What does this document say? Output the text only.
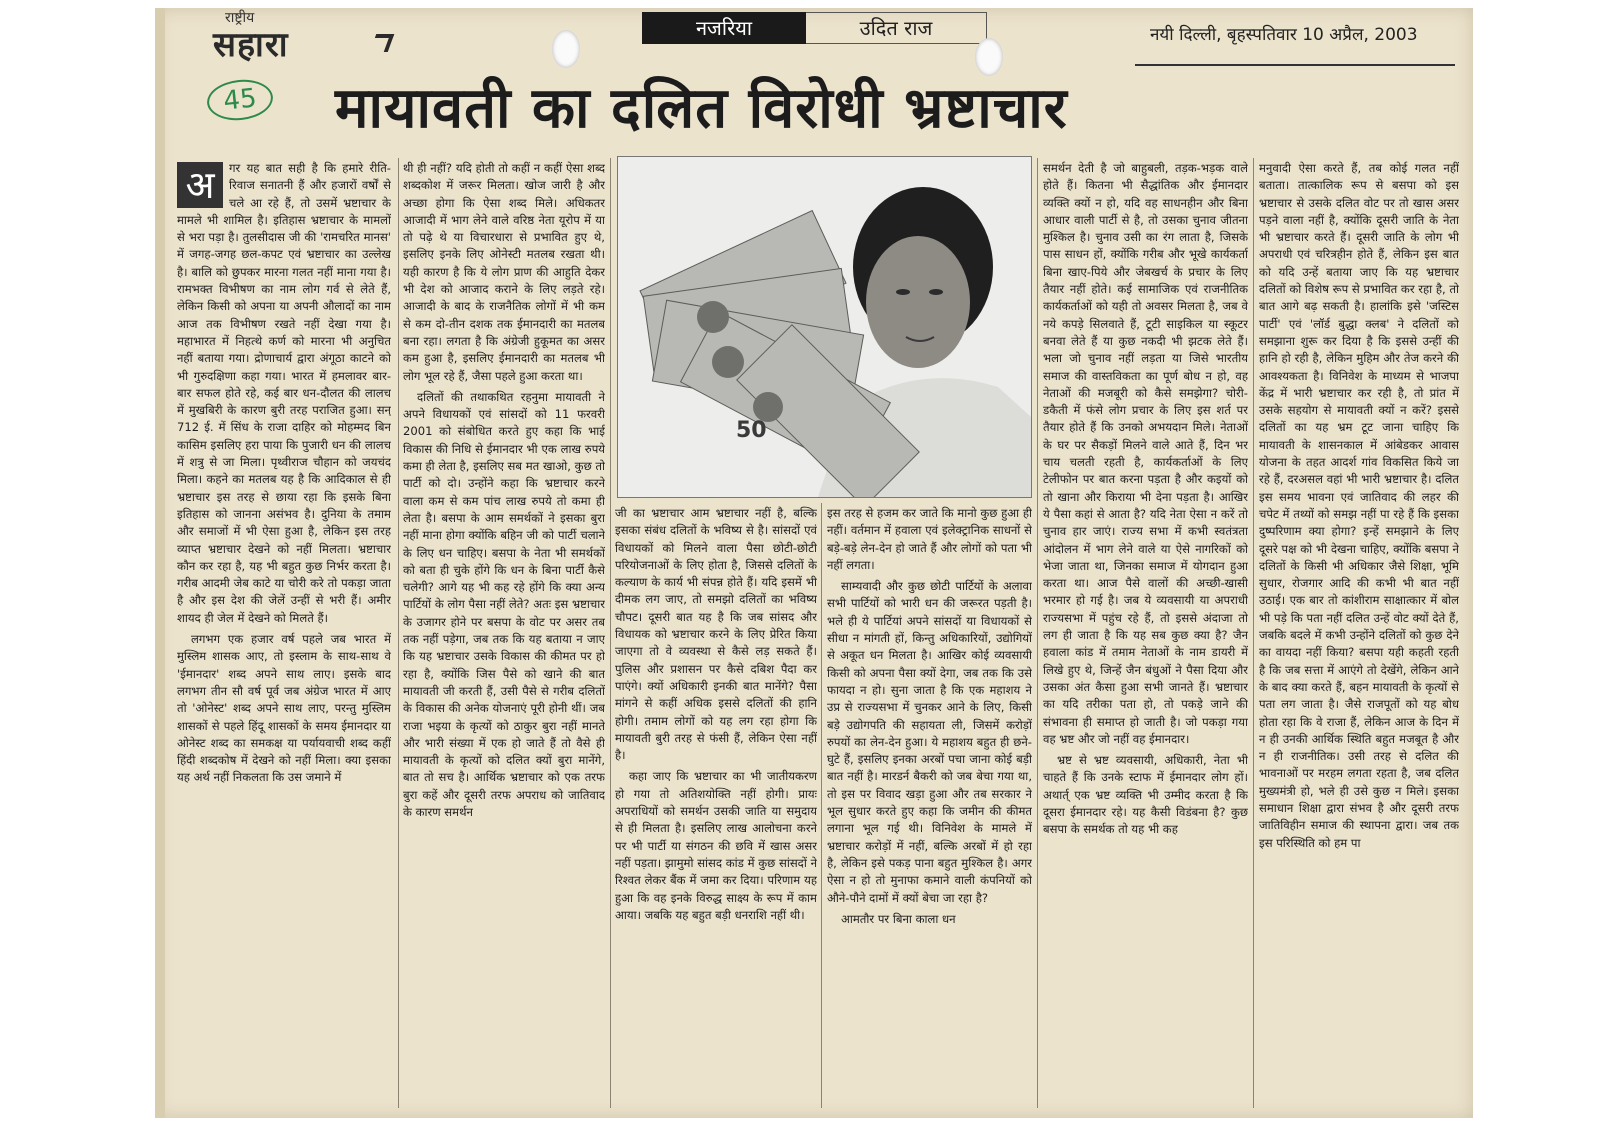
राष्ट्रीय
सहारा	नजरिया	उदित राज	नयी दिल्ली, बृहस्पतिवार 10 अप्रैल, 2003
45	मायावती का दलित विरोधी भ्रष्टाचार
50
अ	गर यह बात सही है कि हमारे रीति-रिवाज सनातनी हैं और हजारों वर्षों से चले आ रहे हैं, तो उसमें भ्रष्टाचार के मामले भी शामिल है। इतिहास भ्रष्टाचार के मामलों से भरा पड़ा है। तुलसीदास जी की 'रामचरित मानस' में जगह-जगह छल-कपट एवं भ्रष्टाचार का उल्लेख है। बालि को छुपकर मारना गलत नहीं माना गया है। रामभक्त विभीषण का नाम लोग गर्व से लेते हैं, लेकिन किसी को अपना या अपनी औलादों का नाम आज तक विभीषण रखते नहीं देखा गया है। महाभारत में निहत्थे कर्ण को मारना भी अनुचित नहीं बताया गया। द्रोणाचार्य द्वारा अंगूठा काटने को भी गुरुदक्षिणा कहा गया। भारत में हमलावर बार-बार सफल होते रहे, कई बार धन-दौलत की लालच में मुखबिरी के कारण बुरी तरह पराजित हुआ। सन् 712 ई. में सिंध के राजा दाहिर को मोहम्मद बिन कासिम इसलिए हरा पाया कि पुजारी धन की लालच में शत्रु से जा मिला। पृथ्वीराज चौहान को जयचंद मिला। कहने का मतलब यह है कि आदिकाल से ही भ्रष्टाचार इस तरह से छाया रहा कि इसके बिना इतिहास को जानना असंभव है। दुनिया के तमाम और समाजों में भी ऐसा हुआ है, लेकिन इस तरह व्याप्त भ्रष्टाचार देखने को नहीं मिलता। भ्रष्टाचार कौन कर रहा है, यह भी बहुत कुछ निर्भर करता है। गरीब आदमी जेब काटे या चोरी करे तो पकड़ा जाता है और इस देश की जेलें उन्हीं से भरी हैं। अमीर शायद ही जेल में देखने को मिलते हैं।

लगभग एक हजार वर्ष पहले जब भारत में मुस्लिम शासक आए, तो इस्लाम के साथ-साथ वे 'ईमानदार' शब्द अपने साथ लाए। इसके बाद लगभग तीन सौ वर्ष पूर्व जब अंग्रेज भारत में आए तो 'ओनेस्ट' शब्द अपने साथ लाए, परन्तु मुस्लिम शासकों से पहले हिंदू शासकों के समय ईमानदार या ओनेस्ट शब्द का समकक्ष या पर्यायवाची शब्द कहीं हिंदी शब्दकोष में देखने को नहीं मिला। क्या इसका यह अर्थ नहीं निकलता कि उस जमाने में

थी ही नहीं? यदि होती तो कहीं न कहीं ऐसा शब्द शब्दकोश में जरूर मिलता। खोज जारी है और अच्छा होगा कि ऐसा शब्द मिले। अधिकतर आजादी में भाग लेने वाले वरिष्ठ नेता यूरोप में या तो पढ़े थे या विचारधारा से प्रभावित हुए थे, इसलिए इनके लिए ओनेस्टी मतलब रखता थी। यही कारण है कि ये लोग प्राण की आहुति देकर भी देश को आजाद कराने के लिए लड़ते रहे। आजादी के बाद के राजनैतिक लोगों में भी कम से कम दो-तीन दशक तक ईमानदारी का मतलब बना रहा। लगता है कि अंग्रेजी हुकूमत का असर कम हुआ है, इसलिए ईमानदारी का मतलब भी लोग भूल रहे हैं, जैसा पहले हुआ करता था।

दलितों की तथाकथित रहनुमा मायावती ने अपने विधायकों एवं सांसदों को 11 फरवरी 2001 को संबोधित करते हुए कहा कि भाई विकास की निधि से ईमानदार भी एक लाख रुपये कमा ही लेता है, इसलिए सब मत खाओ, कुछ तो पार्टी को दो। उन्होंने कहा कि भ्रष्टाचार करने वाला कम से कम पांच लाख रुपये तो कमा ही लेता है। बसपा के आम समर्थकों ने इसका बुरा नहीं माना होगा क्योंकि बहिन जी को पार्टी चलाने के लिए धन चाहिए। बसपा के नेता भी समर्थकों को बता ही चुके होंगे कि धन के बिना पार्टी कैसे चलेगी? आगे यह भी कह रहे होंगे कि क्या अन्य पार्टियों के लोग पैसा नहीं लेते? अतः इस भ्रष्टाचार के उजागर होने पर बसपा के वोट पर असर तब तक नहीं पड़ेगा, जब तक कि यह बताया न जाए कि यह भ्रष्टाचार उसके विकास की कीमत पर हो रहा है, क्योंकि जिस पैसे को खाने की बात मायावती जी करती हैं, उसी पैसे से गरीब दलितों के विकास की अनेक योजनाएं पूरी होनी थीं। जब राजा भइया के कृत्यों को ठाकुर बुरा नहीं मानते और भारी संख्या में एक हो जाते हैं तो वैसे ही मायावती के कृत्यों को दलित क्यों बुरा मानेंगे, बात तो सच है। आर्थिक भ्रष्टाचार को एक तरफ बुरा कहें और दूसरी तरफ अपराध को जातिवाद के कारण समर्थन

जी का भ्रष्टाचार आम भ्रष्टाचार नहीं है, बल्कि इसका संबंध दलितों के भविष्य से है। सांसदों एवं विधायकों को मिलने वाला पैसा छोटी-छोटी परियोजनाओं के लिए होता है, जिससे दलितों के कल्याण के कार्य भी संपन्न होते हैं। यदि इसमें भी दीमक लग जाए, तो समझो दलितों का भविष्य चौपट। दूसरी बात यह है कि जब सांसद और विधायक को भ्रष्टाचार करने के लिए प्रेरित किया जाएगा तो वे व्यवस्था से कैसे लड़ सकते हैं। पुलिस और प्रशासन पर कैसे दबिश पैदा कर पाएंगे। क्यों अधिकारी इनकी बात मानेंगे? पैसा मांगने से कहीं अधिक इससे दलितों की हानि होगी। तमाम लोगों को यह लग रहा होगा कि मायावती बुरी तरह से फंसी हैं, लेकिन ऐसा नहीं है।

कहा जाए कि भ्रष्टाचार का भी जातीयकरण हो गया तो अतिशयोक्ति नहीं होगी। प्रायः अपराधियों को समर्थन उसकी जाति या समुदाय से ही मिलता है। इसलिए लाख आलोचना करने पर भी पार्टी या संगठन की छवि में खास असर नहीं पड़ता। झामुमो सांसद कांड में कुछ सांसदों ने रिश्वत लेकर बैंक में जमा कर दिया। परिणाम यह हुआ कि वह इनके विरुद्ध साक्ष्य के रूप में काम आया। जबकि यह बहुत बड़ी धनराशि नहीं थी।

इस तरह से हजम कर जाते कि मानो कुछ हुआ ही नहीं। वर्तमान में हवाला एवं इलेक्ट्रानिक साधनों से बड़े-बड़े लेन-देन हो जाते हैं और लोगों को पता भी नहीं लगता।

साम्यवादी और कुछ छोटी पार्टियों के अलावा सभी पार्टियों को भारी धन की जरूरत पड़ती है। भले ही ये पार्टियां अपने सांसदों या विधायकों से सीधा न मांगती हों, किन्तु अधिकारियों, उद्योगियों से अकूत धन मिलता है। आखिर कोई व्यवसायी किसी को अपना पैसा क्यों देगा, जब तक कि उसे फायदा न हो। सुना जाता है कि एक महाशय ने उप्र से राज्यसभा में चुनकर आने के लिए, किसी बड़े उद्योगपति की सहायता ली, जिसमें करोड़ों रुपयों का लेन-देन हुआ। ये महाशय बहुत ही छने-घुटे हैं, इसलिए इनका अरबों पचा जाना कोई बड़ी बात नहीं है। मारडर्न बैकरी को जब बेचा गया था, तो इस पर विवाद खड़ा हुआ और तब सरकार ने भूल सुधार करते हुए कहा कि जमीन की कीमत लगाना भूल गई थी। विनिवेश के मामले में भ्रष्टाचार करोड़ों में नहीं, बल्कि अरबों में हो रहा है, लेकिन इसे पकड़ पाना बहुत मुश्किल है। अगर ऐसा न हो तो मुनाफा कमाने वाली कंपनियों को औने-पौने दामों में क्यों बेचा जा रहा है?

आमतौर पर बिना काला धन

समर्थन देती है जो बाहुबली, तड़क-भड़क वाले होते हैं। कितना भी सैद्धांतिक और ईमानदार व्यक्ति क्यों न हो, यदि वह साधनहीन और बिना आधार वाली पार्टी से है, तो उसका चुनाव जीतना मुश्किल है। चुनाव उसी का रंग लाता है, जिसके पास साधन हों, क्योंकि गरीब और भूखे कार्यकर्ता बिना खाए-पिये और जेबखर्च के प्रचार के लिए तैयार नहीं होते। कई सामाजिक एवं राजनीतिक कार्यकर्ताओं को यही तो अवसर मिलता है, जब वे नये कपड़े सिलवाते हैं, टूटी साइकिल या स्कूटर बनवा लेते हैं या कुछ नकदी भी झटक लेते हैं। भला जो चुनाव नहीं लड़ता या जिसे भारतीय समाज की वास्तविकता का पूर्ण बोध न हो, वह नेताओं की मजबूरी को कैसे समझेगा? चोरी-डकैती में फंसे लोग प्रचार के लिए इस शर्त पर तैयार होते हैं कि उनको अभयदान मिले। नेताओं के घर पर सैकड़ों मिलने वाले आते हैं, दिन भर चाय चलती रहती है, कार्यकर्ताओं के लिए टेलीफोन पर बात करना पड़ता है और कइयों को तो खाना और किराया भी देना पड़ता है। आखिर ये पैसा कहां से आता है? यदि नेता ऐसा न करें तो चुनाव हार जाएं। राज्य सभा में कभी स्वतंत्रता आंदोलन में भाग लेने वाले या ऐसे नागरिकों को भेजा जाता था, जिनका समाज में योगदान हुआ करता था। आज पैसे वालों की अच्छी-खासी भरमार हो गई है। जब ये व्यवसायी या अपराधी राज्यसभा में पहुंच रहे हैं, तो इससे अंदाजा तो लग ही जाता है कि यह सब कुछ क्या है? जैन हवाला कांड में तमाम नेताओं के नाम डायरी में लिखे हुए थे, जिन्हें जैन बंधुओं ने पैसा दिया और उसका अंत कैसा हुआ सभी जानते हैं। भ्रष्टाचार का यदि तरीका पता हो, तो पकड़े जाने की संभावना ही समाप्त हो जाती है। जो पकड़ा गया वह भ्रष्ट और जो नहीं वह ईमानदार।

भ्रष्ट से भ्रष्ट व्यवसायी, अधिकारी, नेता भी चाहते हैं कि उनके स्टाफ में ईमानदार लोग हों। अथार्त् एक भ्रष्ट व्यक्ति भी उम्मीद करता है कि दूसरा ईमानदार रहे। यह कैसी विडंबना है? कुछ बसपा के समर्थक तो यह भी कह

मनुवादी ऐसा करते हैं, तब कोई गलत नहीं बताता। तात्कालिक रूप से बसपा को इस भ्रष्टाचार से उसके दलित वोट पर तो खास असर पड़ने वाला नहीं है, क्योंकि दूसरी जाति के नेता भी भ्रष्टाचार करते हैं। दूसरी जाति के लोग भी अपराधी एवं चरित्रहीन होते हैं, लेकिन इस बात को यदि उन्हें बताया जाए कि यह भ्रष्टाचार दलितों को विशेष रूप से प्रभावित कर रहा है, तो बात आगे बढ़ सकती है। हालांकि इसे 'जस्टिस पार्टी' एवं 'लॉर्ड बुद्धा क्लब' ने दलितों को समझाना शुरू कर दिया है कि इससे उन्हीं की हानि हो रही है, लेकिन मुहिम और तेज करने की आवश्यकता है। विनिवेश के माध्यम से भाजपा केंद्र में भारी भ्रष्टाचार कर रही है, तो प्रांत में उसके सहयोग से मायावती क्यों न करें? इससे दलितों का यह भ्रम टूट जाना चाहिए कि मायावती के शासनकाल में आंबेडकर आवास योजना के तहत आदर्श गांव विकसित किये जा रहे हैं, दरअसल वहां भी भारी भ्रष्टाचार है। दलित इस समय भावना एवं जातिवाद की लहर की चपेट में तथ्यों को समझ नहीं पा रहे हैं कि इसका दुष्परिणाम क्या होगा? इन्हें समझाने के लिए दूसरे पक्ष को भी देखना चाहिए, क्योंकि बसपा ने दलितों के किसी भी अधिकार जैसे शिक्षा, भूमि सुधार, रोजगार आदि की कभी भी बात नहीं उठाई। एक बार तो कांशीराम साक्षात्कार में बोल भी पड़े कि पता नहीं दलित उन्हें वोट क्यों देते हैं, जबकि बदले में कभी उन्होंने दलितों को कुछ देने का वायदा नहीं किया? बसपा यही कहती रहती है कि जब सत्ता में आएंगे तो देखेंगे, लेकिन आने के बाद क्या करते हैं, बहन मायावती के कृत्यों से पता लग जाता है। जैसे राजपूतों को यह बोध होता रहा कि वे राजा हैं, लेकिन आज के दिन में न ही उनकी आर्थिक स्थिति बहुत मजबूत है और न ही राजनीतिक। उसी तरह से दलित की भावनाओं पर मरहम लगता रहता है, जब दलित मुख्यमंत्री हो, भले ही उसे कुछ न मिले। इसका समाधान शिक्षा द्वारा संभव है और दूसरी तरफ जातिविहीन समाज की स्थापना द्वारा। जब तक इस परिस्थिति को हम पा
